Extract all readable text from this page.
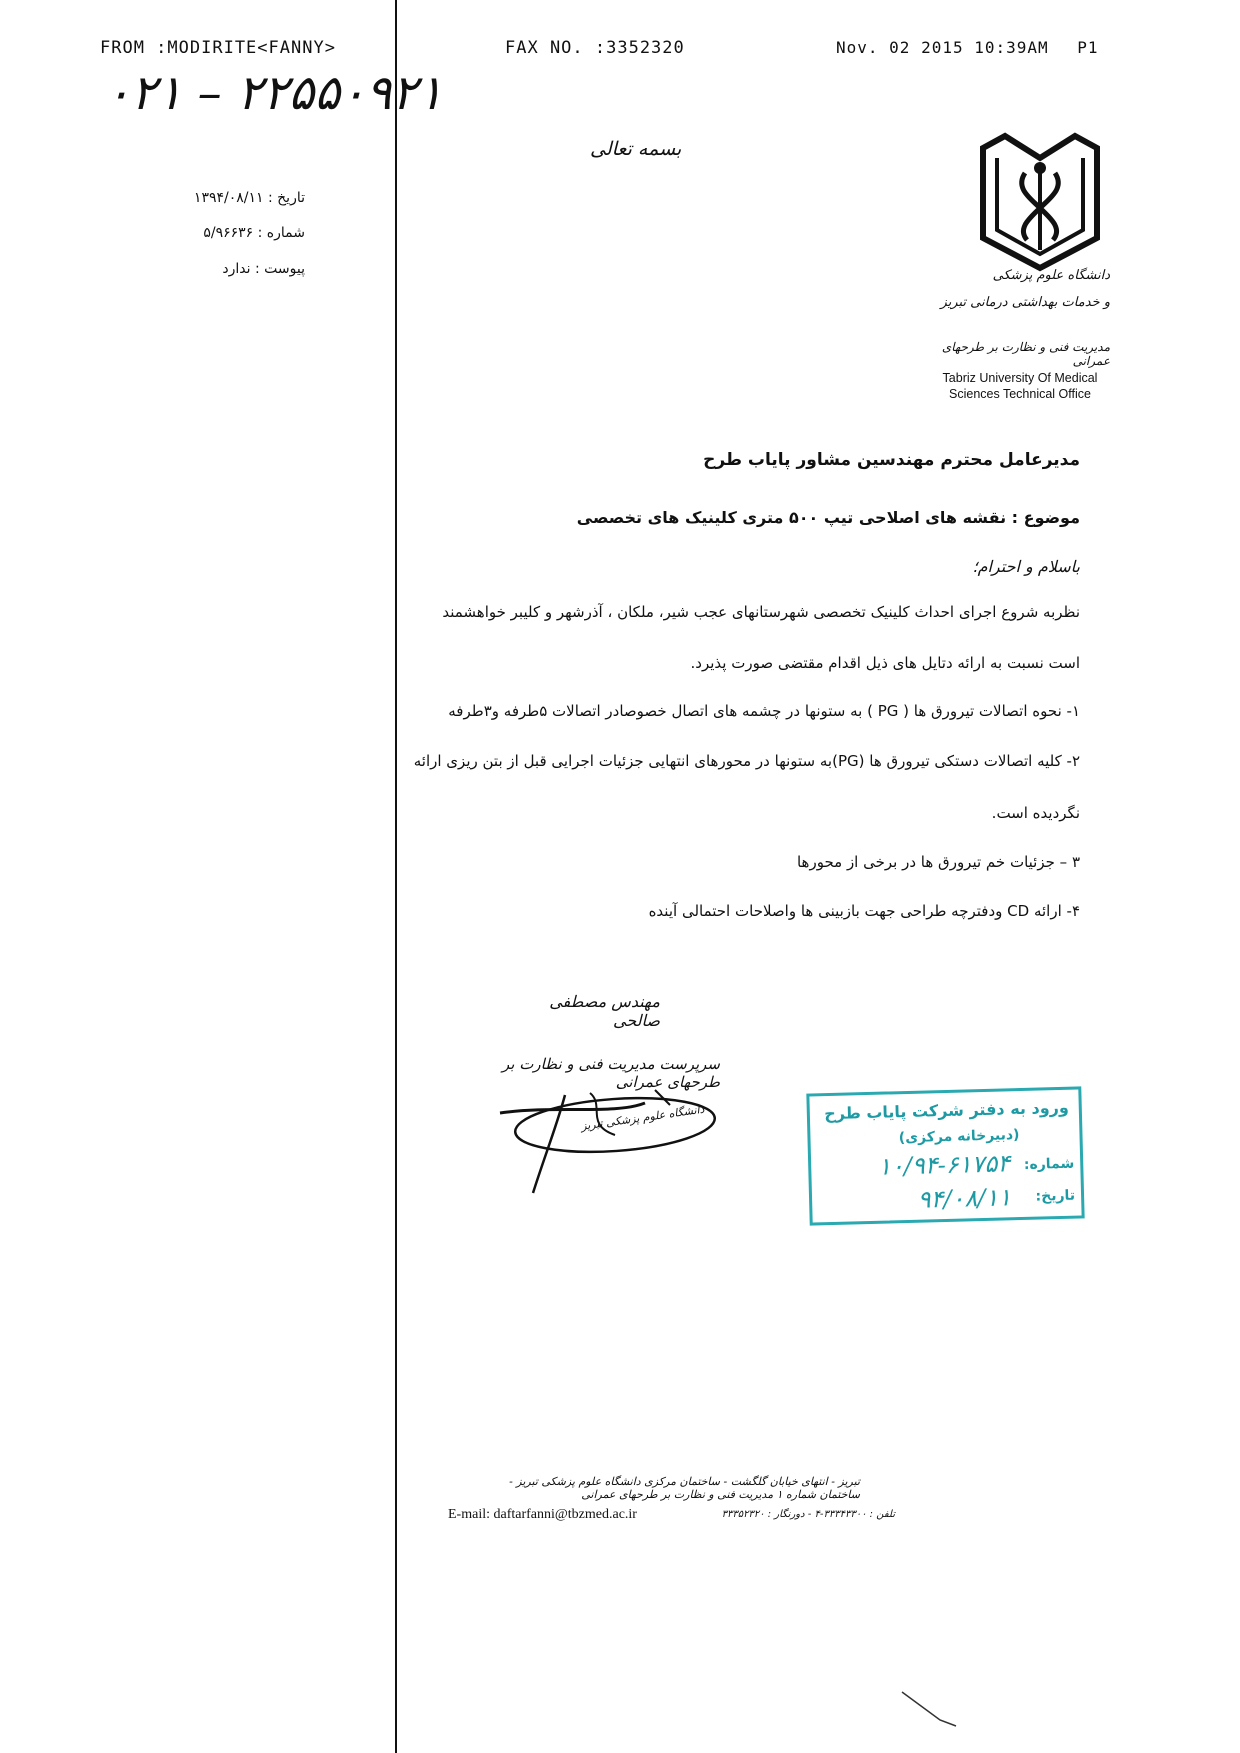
FROM :MODIRITE<FANNY>	FAX NO. :3352320	Nov. 02 2015 10:39AM P1
۰۲۱ – ۲۲۵۵۰۹۲۱
بسمه تعالی
تاریخ : ۱۳۹۴/۰۸/۱۱
شماره : ۵/۹۶۶۳۶
پیوست : ندارد	دانشگاه علوم پزشکی
و خدمات بهداشتی درمانی تبریز
مدیریت فنی و نظارت بر طرحهای عمرانی
Tabriz University Of Medical
Sciences Technical Office
مدیرعامل محترم مهندسین مشاور پایاب طرح
موضوع : نقشه های اصلاحی تیپ ۵۰۰ متری کلینیک های تخصصی
باسلام و احترام؛
نظربه شروع اجرای احداث کلینیک تخصصی شهرستانهای عجب شیر، ملکان ، آذرشهر و کلیبر خواهشمند
است نسبت به ارائه دتایل های ذیل اقدام مقتضی صورت پذیرد.
۱- نحوه اتصالات تیرورق ها ( PG ) به ستونها در چشمه های اتصال خصوصادر اتصالات ۵طرفه و۳طرفه
۲- کلیه اتصالات دستکی تیرورق ها (PG)به ستونها در محورهای انتهایی جزئیات اجرایی قبل از بتن ریزی ارائه
نگردیده است.
۳ – جزئیات خم تیرورق ها در برخی از محورها
۴- ارائه CD ودفترچه طراحی جهت بازبینی ها واصلاحات احتمالی آینده
مهندس مصطفی صالحی
سرپرست مدیریت فنی و نظارت بر طرحهای عمرانی
دانشگاه علوم پزشکی تبریز	ورود به دفتر شرکت پایاب طرح
(دبیرخانه مرکزی)
شماره:
۱۰/۹۴-۶۱۷۵۴
تاریخ:
۹۴/۰۸/۱۱
تبریز - انتهای خیابان گلگشت - ساختمان مرکزی دانشگاه علوم پزشکی تبریز - ساختمان شماره ۱ مدیریت فنی و نظارت بر طرحهای عمرانی
E-mail: daftarfanni@tbzmed.ac.ir	تلفن : ۳۳۳۴۳۳۰۰-۴ - دورنگار : ۳۳۳۵۲۳۲۰
